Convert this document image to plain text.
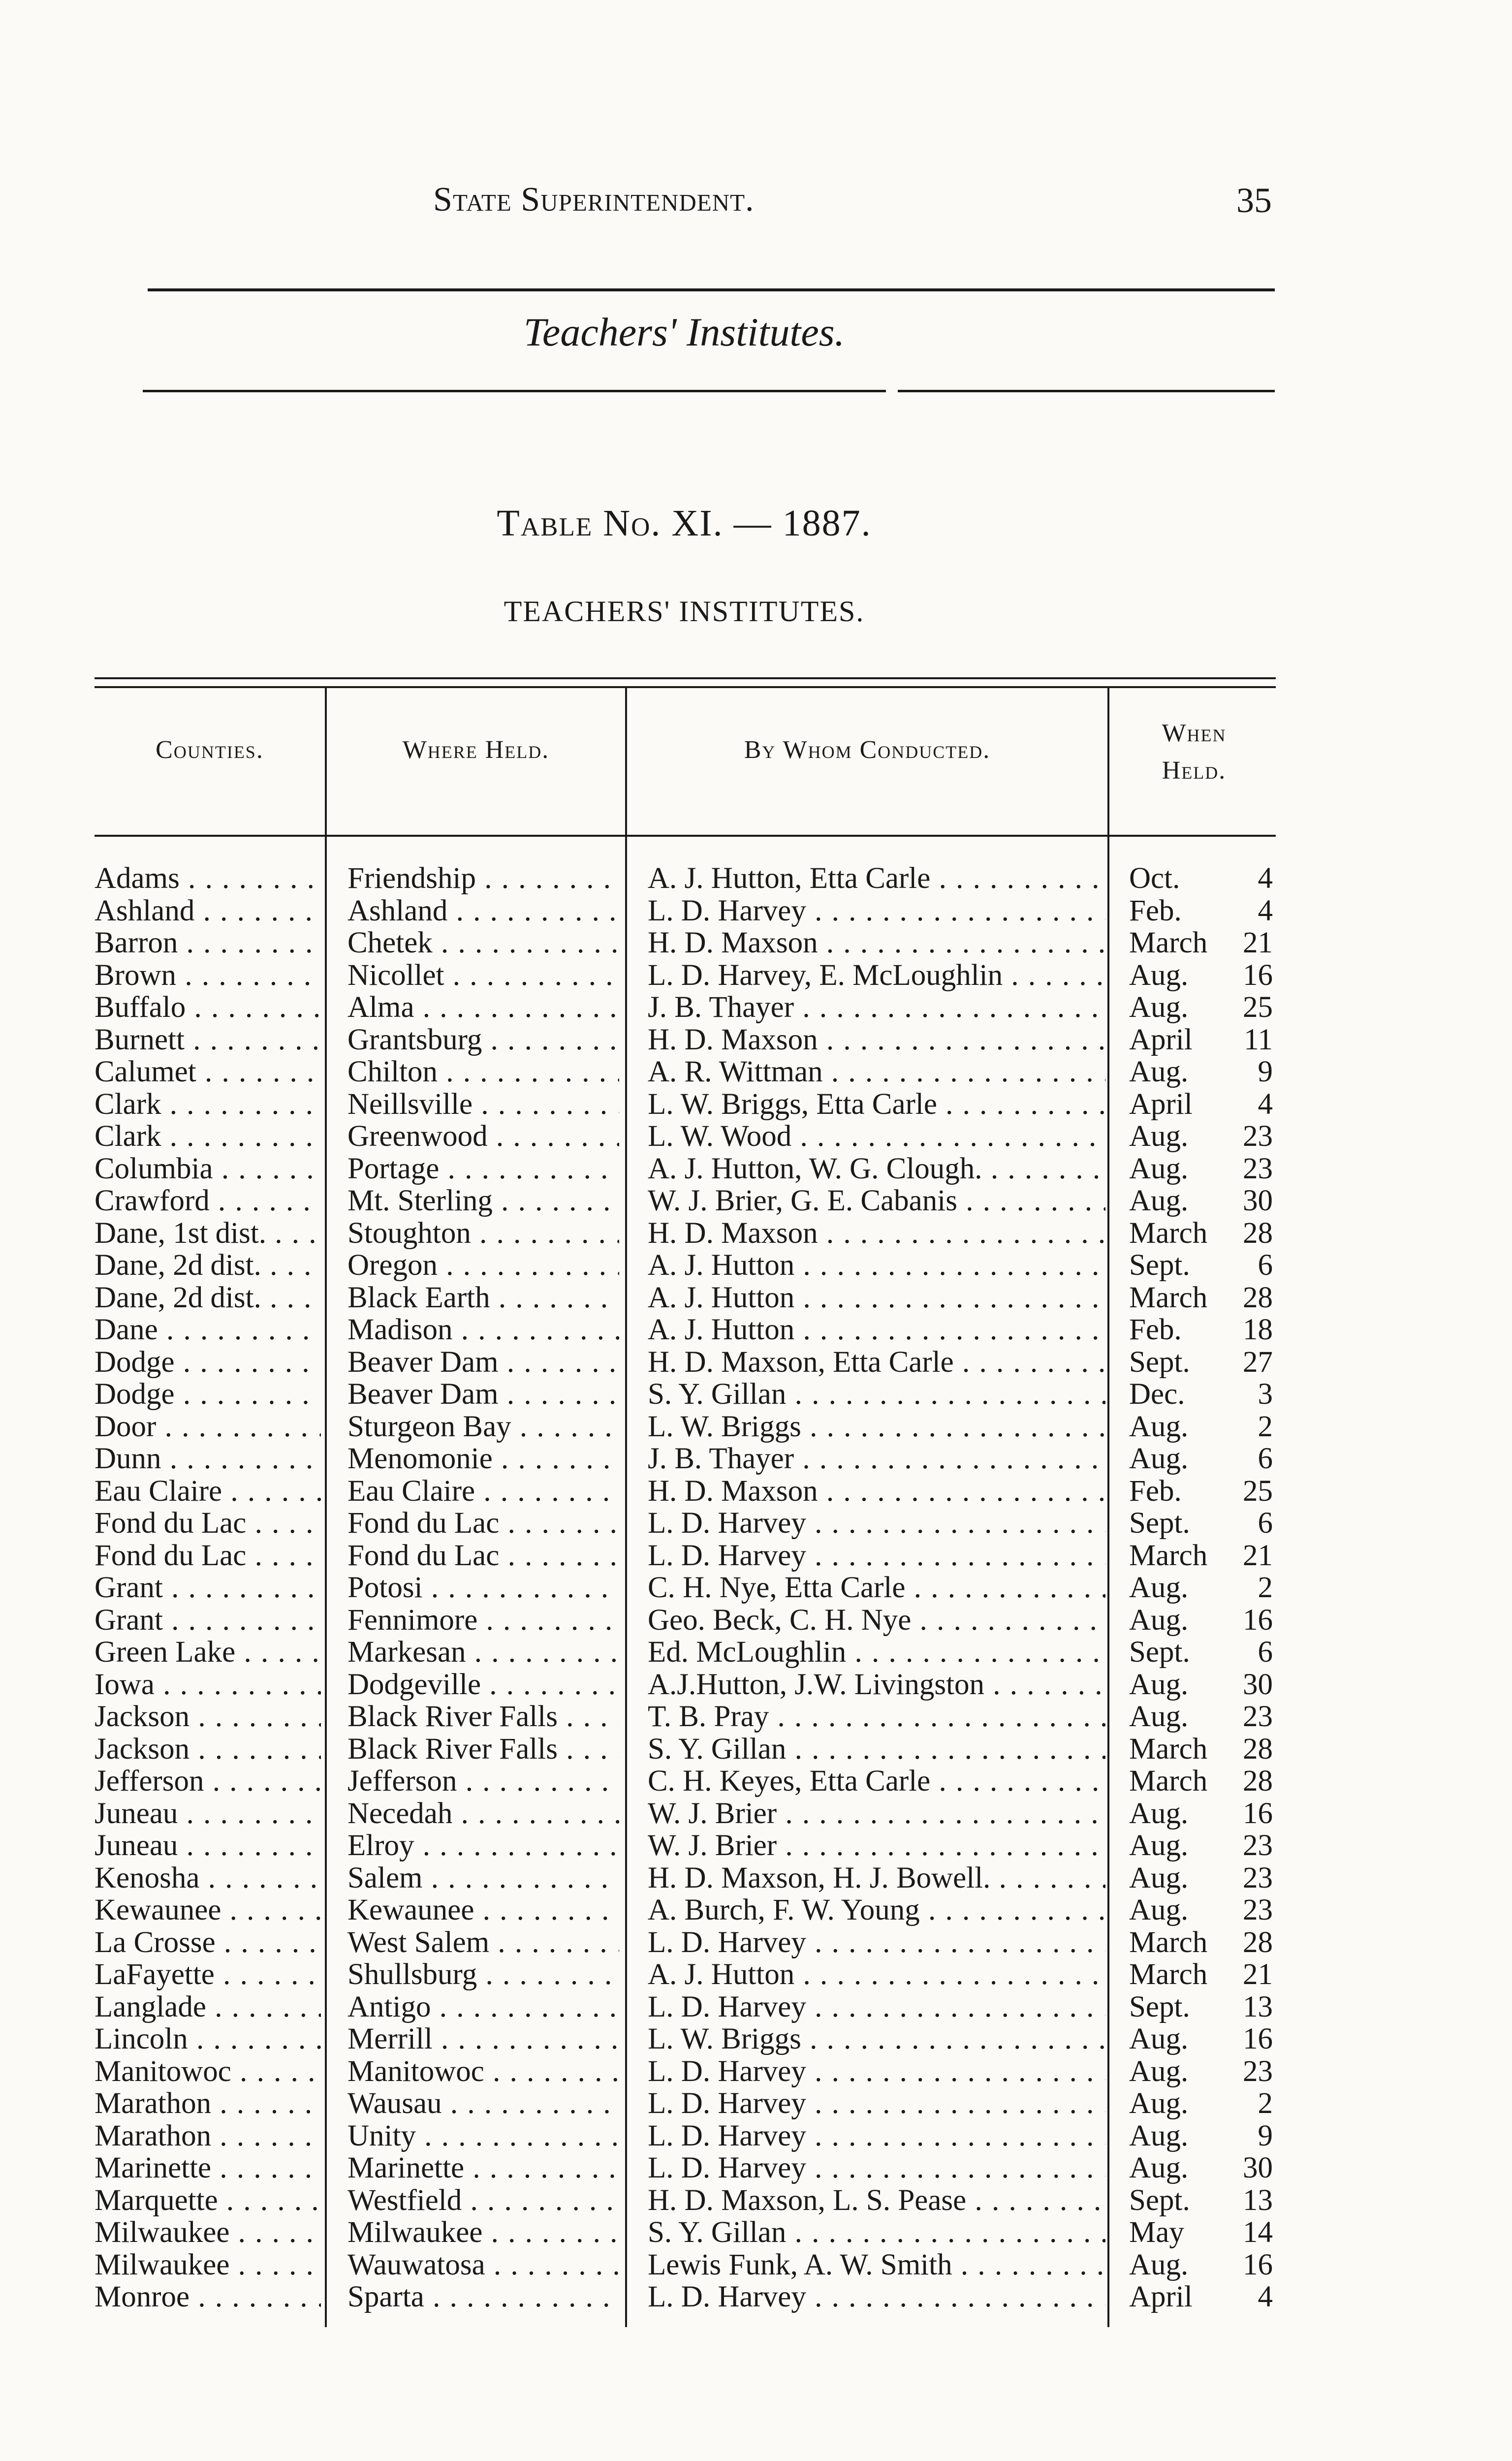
State Superintendent.	35
Teachers' Institutes.
Table No. XI. — 1887.
TEACHERS' INSTITUTES.
Counties.	Where Held.	By Whom Conducted.
When
Held.
Adams . . .	Friendship . . .	A. J. Hutton, Etta Carle . . .	Oct.	4
Ashland . . .	Ashland . . .	L. D. Harvey . . .	Feb.	4
Barron . . .	Chetek . . .	H. D. Maxson . . .	March	21
Brown . . .	Nicollet . . .	L. D. Harvey, E. McLoughlin . . .	Aug.	16
Buffalo . . .	Alma . . .	J. B. Thayer . . .	Aug.	25
Burnett . . .	Grantsburg . . .	H. D. Maxson . . .	April	11
Calumet . . .	Chilton . . .	A. R. Wittman . . .	Aug.	9
Clark . . .	Neillsville . . .	L. W. Briggs, Etta Carle . . .	April	4
Clark . . .	Greenwood . . .	L. W. Wood . . .	Aug.	23
Columbia . . .	Portage . . .	A. J. Hutton, W. G. Clough. . . .	Aug.	23
Crawford . . .	Mt. Sterling . . .	W. J. Brier, G. E. Cabanis . . .	Aug.	30
Dane, 1st dist. . . .	Stoughton . . .	H. D. Maxson . . .	March	28
Dane, 2d dist. . . .	Oregon . . .	A. J. Hutton . . .	Sept.	6
Dane, 2d dist. . . .	Black Earth . . .	A. J. Hutton . . .	March	28
Dane . . .	Madison . . .	A. J. Hutton . . .	Feb.	18
Dodge . . .	Beaver Dam . . .	H. D. Maxson, Etta Carle . . .	Sept.	27
Dodge . . .	Beaver Dam . . .	S. Y. Gillan . . .	Dec.	3
Door . . .	Sturgeon Bay . . .	L. W. Briggs . . .	Aug.	2
Dunn . . .	Menomonie . . .	J. B. Thayer . . .	Aug.	6
Eau Claire . . .	Eau Claire . . .	H. D. Maxson . . .	Feb.	25
Fond du Lac . . .	Fond du Lac . . .	L. D. Harvey . . .	Sept.	6
Fond du Lac . . .	Fond du Lac . . .	L. D. Harvey . . .	March	21
Grant . . .	Potosi . . .	C. H. Nye, Etta Carle . . .	Aug.	2
Grant . . .	Fennimore . . .	Geo. Beck, C. H. Nye . . .	Aug.	16
Green Lake . . .	Markesan . . .	Ed. McLoughlin . . .	Sept.	6
Iowa . . .	Dodgeville . . .	A.J.Hutton, J.W. Livingston . . .	Aug.	30
Jackson . . .	Black River Falls . . .	T. B. Pray . . .	Aug.	23
Jackson . . .	Black River Falls . . .	S. Y. Gillan . . .	March	28
Jefferson . . .	Jefferson . . .	C. H. Keyes, Etta Carle . . .	March	28
Juneau . . .	Necedah . . .	W. J. Brier . . .	Aug.	16
Juneau . . .	Elroy . . .	W. J. Brier . . .	Aug.	23
Kenosha . . .	Salem . . .	H. D. Maxson, H. J. Bowell. . . .	Aug.	23
Kewaunee . . .	Kewaunee . . .	A. Burch, F. W. Young . . .	Aug.	23
La Crosse . . .	West Salem . . .	L. D. Harvey . . .	March	28
LaFayette . . .	Shullsburg . . .	A. J. Hutton . . .	March	21
Langlade . . .	Antigo . . .	L. D. Harvey . . .	Sept.	13
Lincoln . . .	Merrill . . .	L. W. Briggs . . .	Aug.	16
Manitowoc . . .	Manitowoc . . .	L. D. Harvey . . .	Aug.	23
Marathon . . .	Wausau . . .	L. D. Harvey . . .	Aug.	2
Marathon . . .	Unity . . .	L. D. Harvey . . .	Aug.	9
Marinette . . .	Marinette . . .	L. D. Harvey . . .	Aug.	30
Marquette . . .	Westfield . . .	H. D. Maxson, L. S. Pease . . .	Sept.	13
Milwaukee . . .	Milwaukee . . .	S. Y. Gillan . . .	May	14
Milwaukee . . .	Wauwatosa . . .	Lewis Funk, A. W. Smith . . .	Aug.	16
Monroe . . .	Sparta . . .	L. D. Harvey . . .	April	4
